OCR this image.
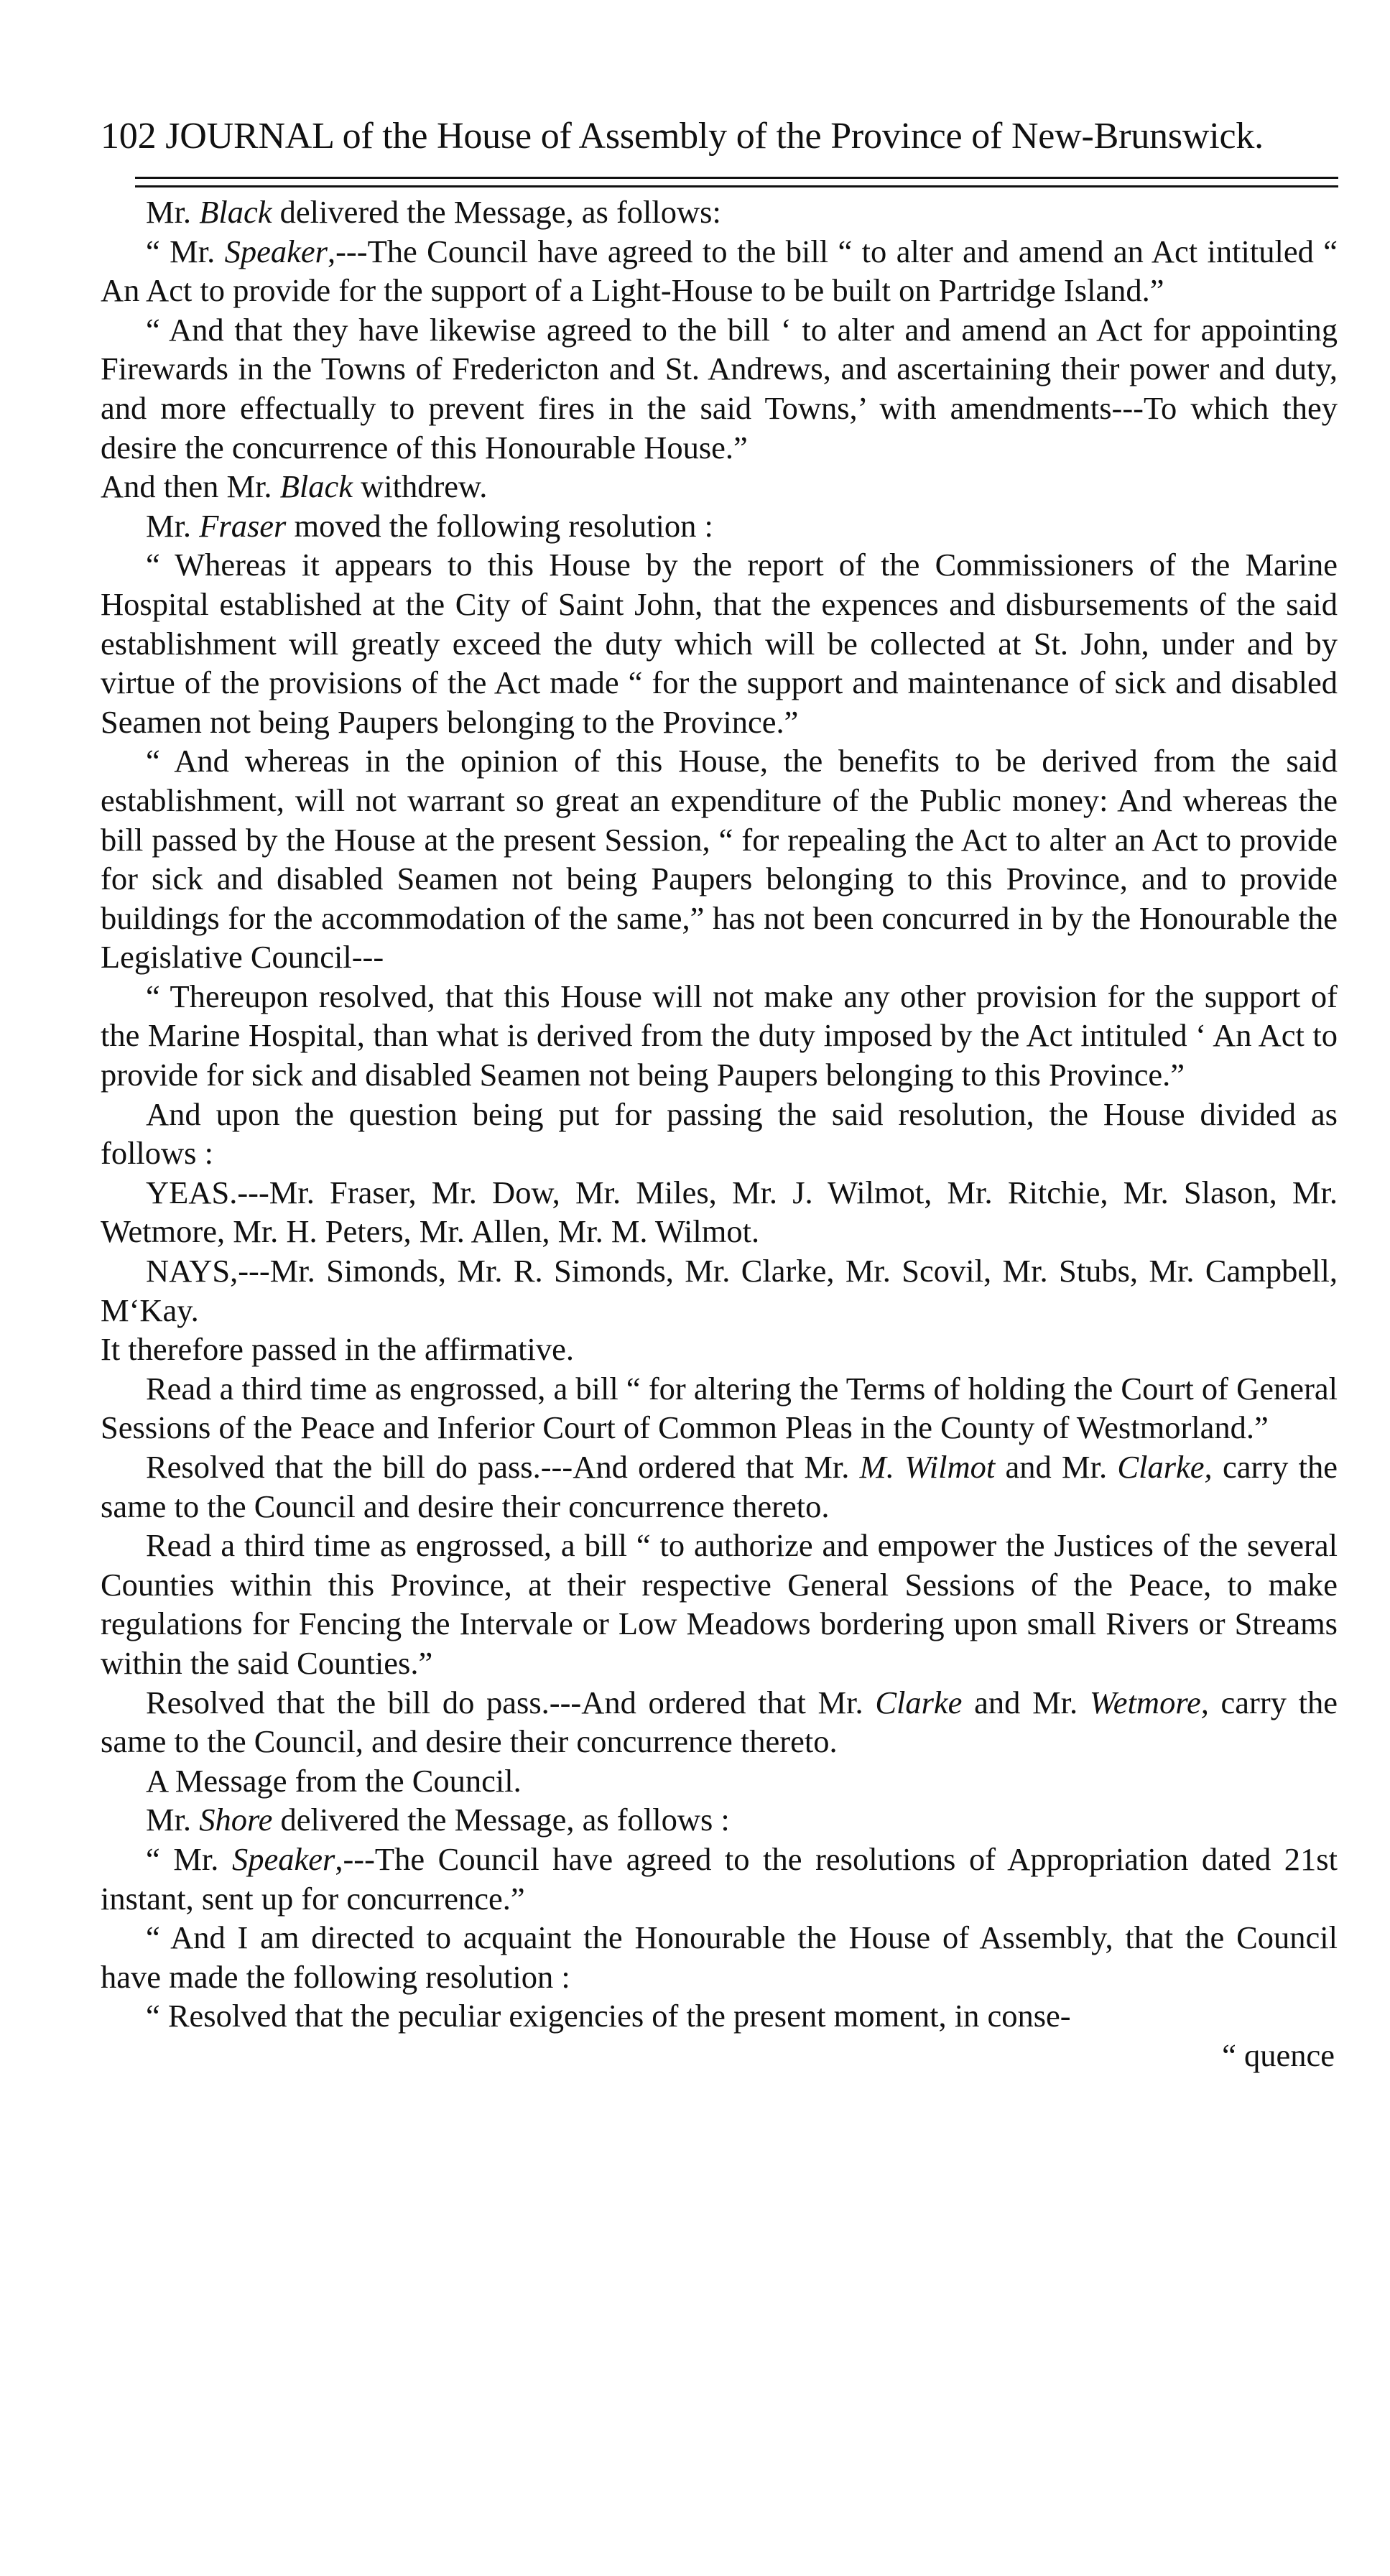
102 JOURNAL of the House of Assembly of the Province of New-Brunswick.

Mr. Black delivered the Message, as follows:

“ Mr. Speaker,---The Council have agreed to the bill “ to alter and amend an Act intituled “ An Act to provide for the support of a Light-House to be built on Partridge Island.”

“ And that they have likewise agreed to the bill ‘ to alter and amend an Act for appointing Firewards in the Towns of Fredericton and St. Andrews, and ascertaining their power and duty, and more effectually to prevent fires in the said Towns,’ with amendments---To which they desire the concurrence of this Honourable House.”

And then Mr. Black withdrew.

Mr. Fraser moved the following resolution :

“ Whereas it appears to this House by the report of the Commissioners of the Marine Hospital established at the City of Saint John, that the expences and disbursements of the said establishment will greatly exceed the duty which will be collected at St. John, under and by virtue of the provisions of the Act made “ for the support and maintenance of sick and disabled Seamen not being Paupers belonging to the Province.”

“ And whereas in the opinion of this House, the benefits to be derived from the said establishment, will not warrant so great an expenditure of the Public money: And whereas the bill passed by the House at the present Session, “ for repealing the Act to alter an Act to provide for sick and disabled Seamen not being Paupers belonging to this Province, and to provide buildings for the accommodation of the same,” has not been concurred in by the Honourable the Legislative Council---

“ Thereupon resolved, that this House will not make any other provision for the support of the Marine Hospital, than what is derived from the duty imposed by the Act intituled ‘ An Act to provide for sick and disabled Seamen not being Paupers belonging to this Province.”

And upon the question being put for passing the said resolution, the House divided as follows :

YEAS.---Mr. Fraser, Mr. Dow, Mr. Miles, Mr. J. Wilmot, Mr. Ritchie, Mr. Slason, Mr. Wetmore, Mr. H. Peters, Mr. Allen, Mr. M. Wilmot.

NAYS,---Mr. Simonds, Mr. R. Simonds, Mr. Clarke, Mr. Scovil, Mr. Stubs, Mr. Campbell, M‘Kay.

It therefore passed in the affirmative.

Read a third time as engrossed, a bill “ for altering the Terms of holding the Court of General Sessions of the Peace and Inferior Court of Common Pleas in the County of Westmorland.”

Resolved that the bill do pass.---And ordered that Mr. M. Wilmot and Mr. Clarke, carry the same to the Council and desire their concurrence thereto.

Read a third time as engrossed, a bill “ to authorize and empower the Justices of the several Counties within this Province, at their respective General Sessions of the Peace, to make regulations for Fencing the Intervale or Low Meadows bordering upon small Rivers or Streams within the said Counties.”

Resolved that the bill do pass.---And ordered that Mr. Clarke and Mr. Wetmore, carry the same to the Council, and desire their concurrence thereto.

A Message from the Council.

Mr. Shore delivered the Message, as follows :

“ Mr. Speaker,---The Council have agreed to the resolutions of Appropriation dated 21st instant, sent up for concurrence.”

“ And I am directed to acquaint the Honourable the House of Assembly, that the Council have made the following resolution :

“ Resolved that the peculiar exigencies of the present moment, in conse-

“ quence
